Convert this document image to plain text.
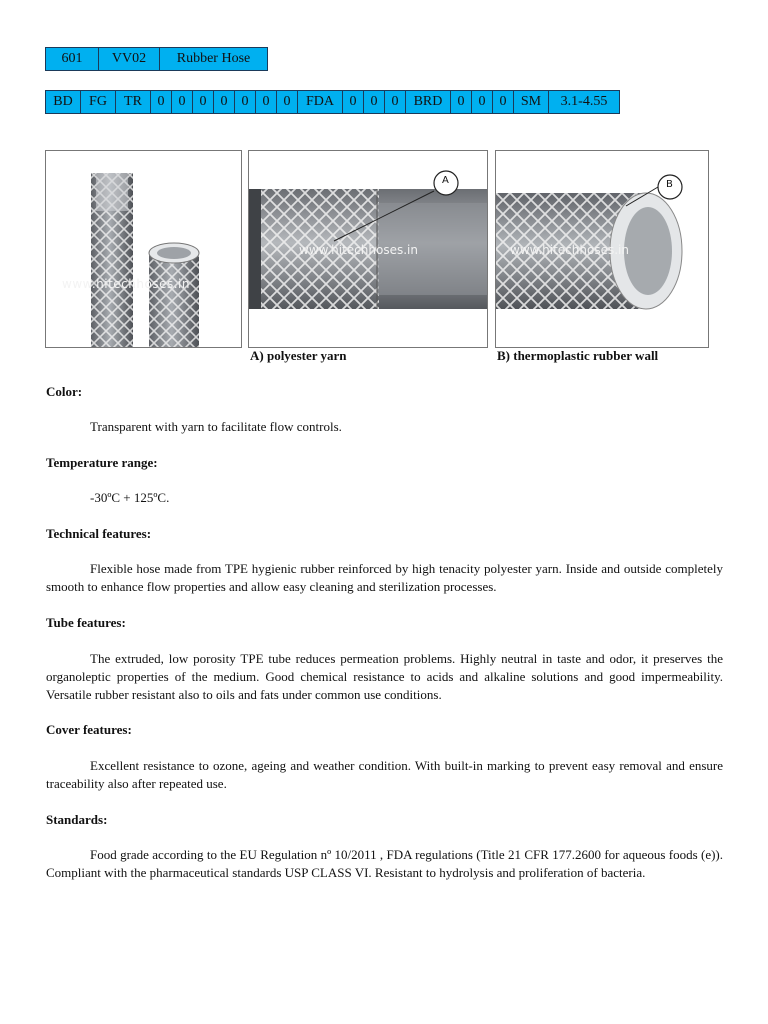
601	VV02	Rubber Hose
BD	FG	TR	0	0	0	0	0	0	0	FDA	0	0	0	BRD	0	0	0	SM	3.1-4.55
www.hitechhoses.in
A
www.hitechhoses.in
B
www.hitechhoses.in
A) polyester yarn	B) thermoplastic rubber wall
Color:
Transparent with yarn to facilitate flow controls.
Temperature range:
-30ºC + 125ºC.
Technical features:

Flexible hose made from TPE hygienic rubber reinforced by high tenacity polyester yarn. Inside and outside completely smooth to enhance flow properties and allow easy cleaning and sterilization processes.

Tube features:

The extruded, low porosity TPE tube reduces permeation problems. Highly neutral in taste and odor, it preserves the organoleptic properties of the medium. Good chemical resistance to acids and alkaline solutions and good impermeability. Versatile rubber resistant also to oils and fats under common use conditions.

Cover features:

Excellent resistance to ozone, ageing and weather condition. With built-in marking to prevent easy removal and ensure traceability also after repeated use.

Standards:

Food grade according to the EU Regulation nº 10/2011 , FDA regulations (Title 21 CFR 177.2600 for aqueous foods (e)). Compliant with the pharmaceutical standards USP CLASS VI. Resistant to hydrolysis and proliferation of bacteria.
